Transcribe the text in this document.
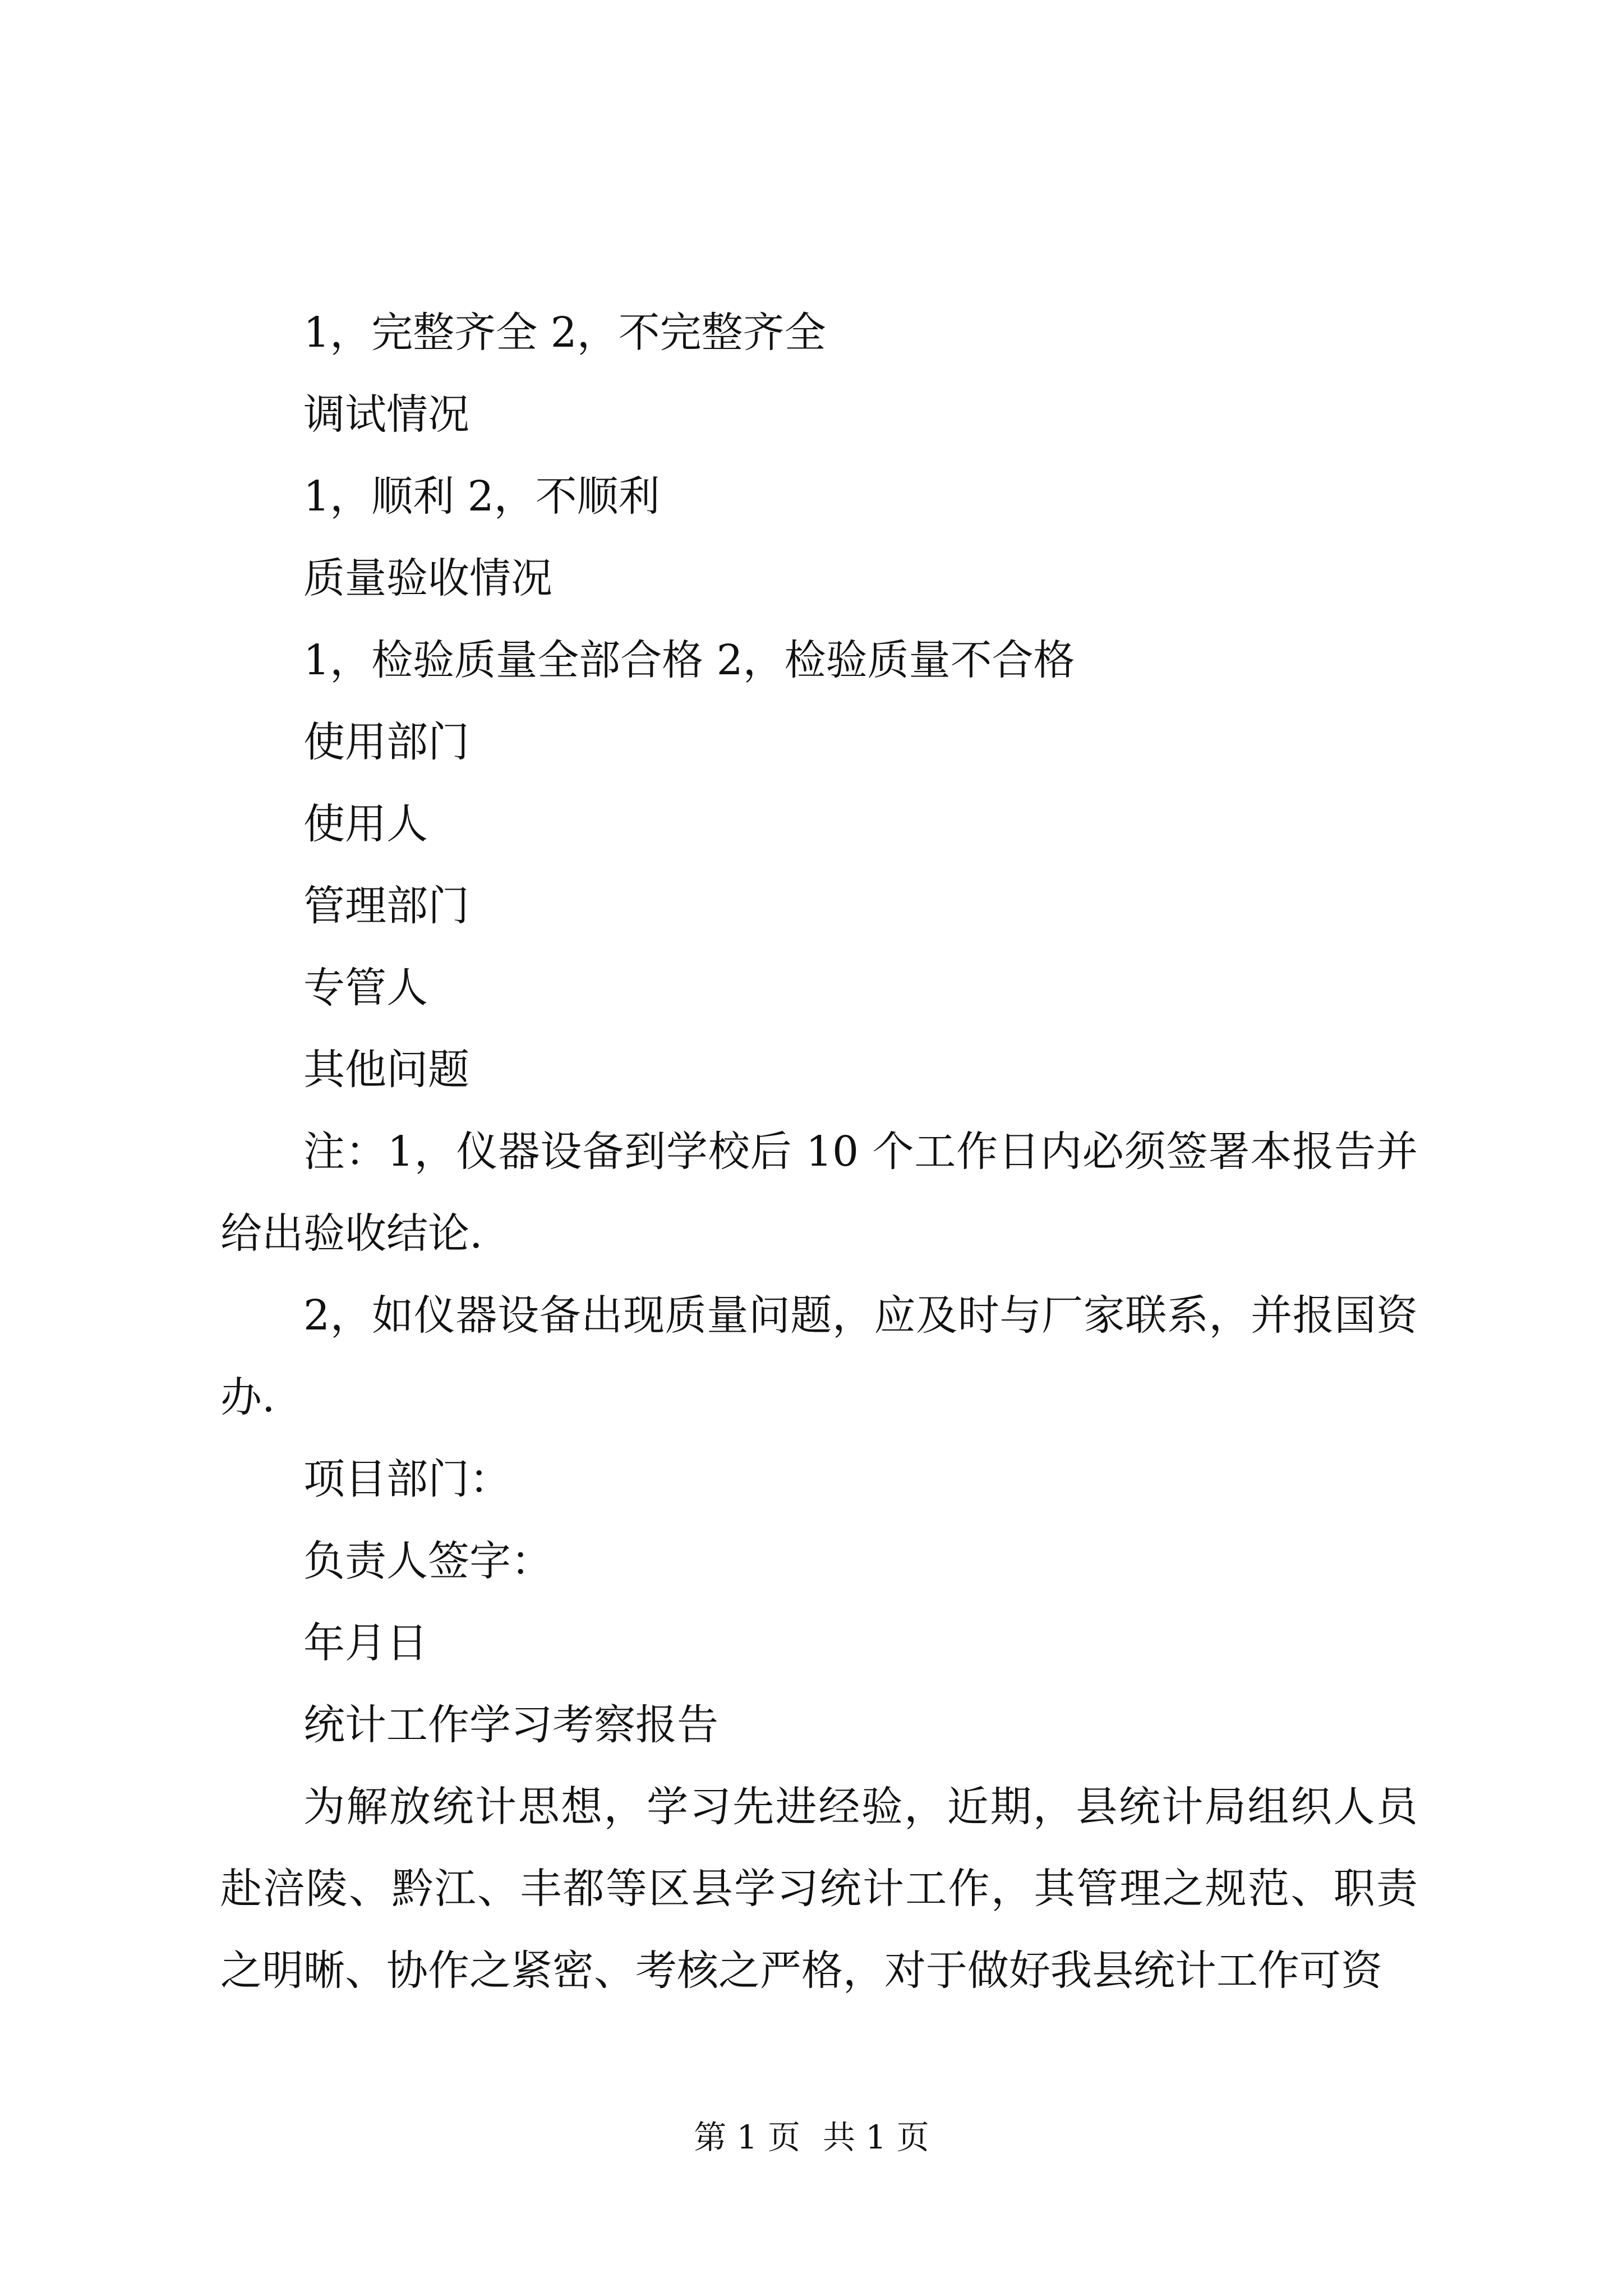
1，完整齐全 2，不完整齐全

调试情况

1，顺利 2，不顺利

质量验收情况

1，检验质量全部合格 2，检验质量不合格

使用部门

使用人

管理部门

专管人

其他问题

注：1，仪器设备到学校后 10 个工作日内必须签署本报告并给出验收结论.

2，如仪器设备出现质量问题，应及时与厂家联系，并报国资办.

项目部门：

负责人签字：

年月日

统计工作学习考察报告

为解放统计思想，学习先进经验，近期，县统计局组织人员赴涪陵、黔江、丰都等区县学习统计工作，其管理之规范、职责之明晰、协作之紧密、考核之严格，对于做好我县统计工作可资

第 1 页 共 1 页
